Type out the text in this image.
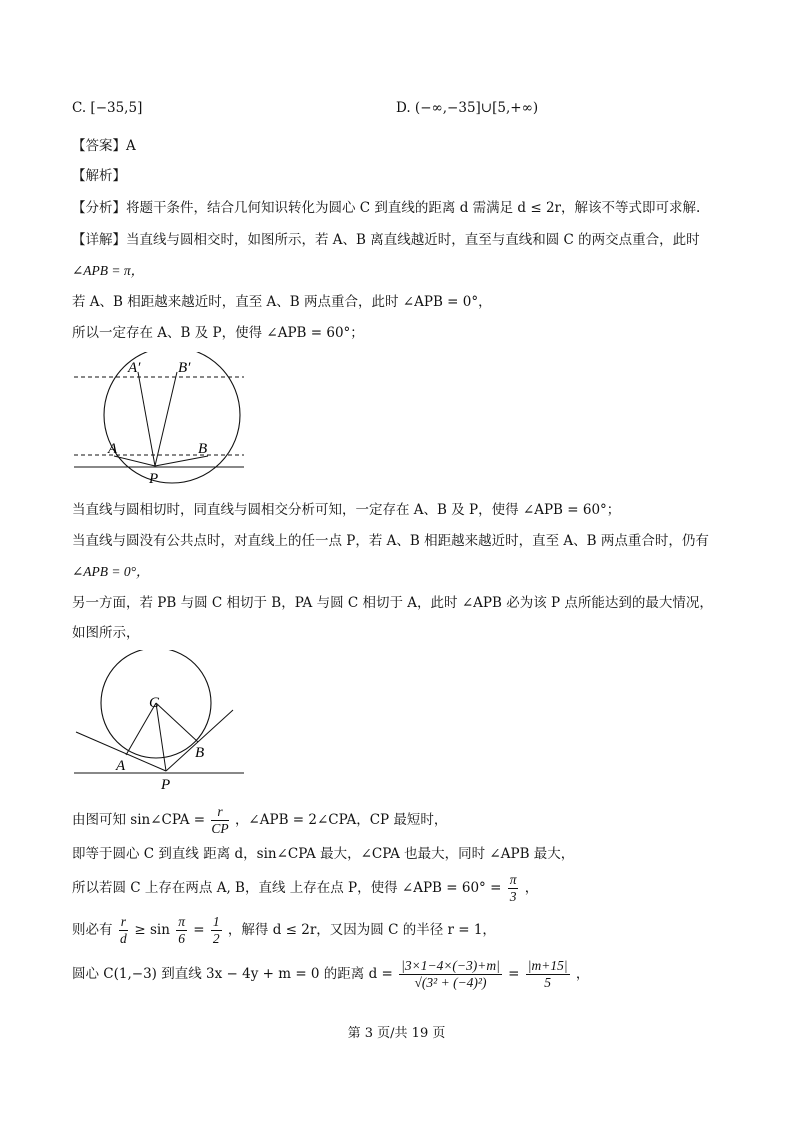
C. [−35,5]	D. (−∞,−35]∪[5,+∞)
【答案】A
【解析】
【分析】将题干条件，结合几何知识转化为圆心 C 到直线的距离 d 需满足 d ≤ 2r，解该不等式即可求解.
【详解】当直线与圆相交时，如图所示，若 A、B 离直线越近时，直至与直线和圆 C 的两交点重合，此时
∠APB = π，
若 A、B 相距越来越近时，直至 A、B 两点重合，此时 ∠APB = 0°，
所以一定存在 A、B 及 P，使得 ∠APB = 60°；
A′	B′
A	B
P
当直线与圆相切时，同直线与圆相交分析可知，一定存在 A、B 及 P，使得 ∠APB = 60°；
当直线与圆没有公共点时，对直线上的任一点 P，若 A、B 相距越来越近时，直至 A、B 两点重合时，仍有
∠APB = 0°，
另一方面，若 PB 与圆 C 相切于 B，PA 与圆 C 相切于 A，此时 ∠APB 必为该 P 点所能达到的最大情况，
如图所示，
C
A
B
P
由图可知 sin∠CPA = $\frac{r}{CP}$ ，∠APB = 2∠CPA，CP 最短时，
即等于圆心 C 到直线 距离 d，sin∠CPA 最大，∠CPA 也最大，同时 ∠APB 最大，
所以若圆 C 上存在两点 A, B，直线 上存在点 P，使得 ∠APB = $60^\circ = \frac{\pi}{3}$ ，
则必有 $\frac{r}{d} \ge \sin \frac{\pi}{6} = \frac{1}{2}$ ，解得 d ≤ 2r，又因为圆 C 的半径 r = 1，
圆心 C(1,−3) 到直线 3x − 4y + m = 0 的距离 $d = \frac{|3\times 1-4\times(-3)+m|}{\text{√(3² + (−4)²)}} = \frac{|m+15|}{5}$ ，
第 3 页/共 19 页
